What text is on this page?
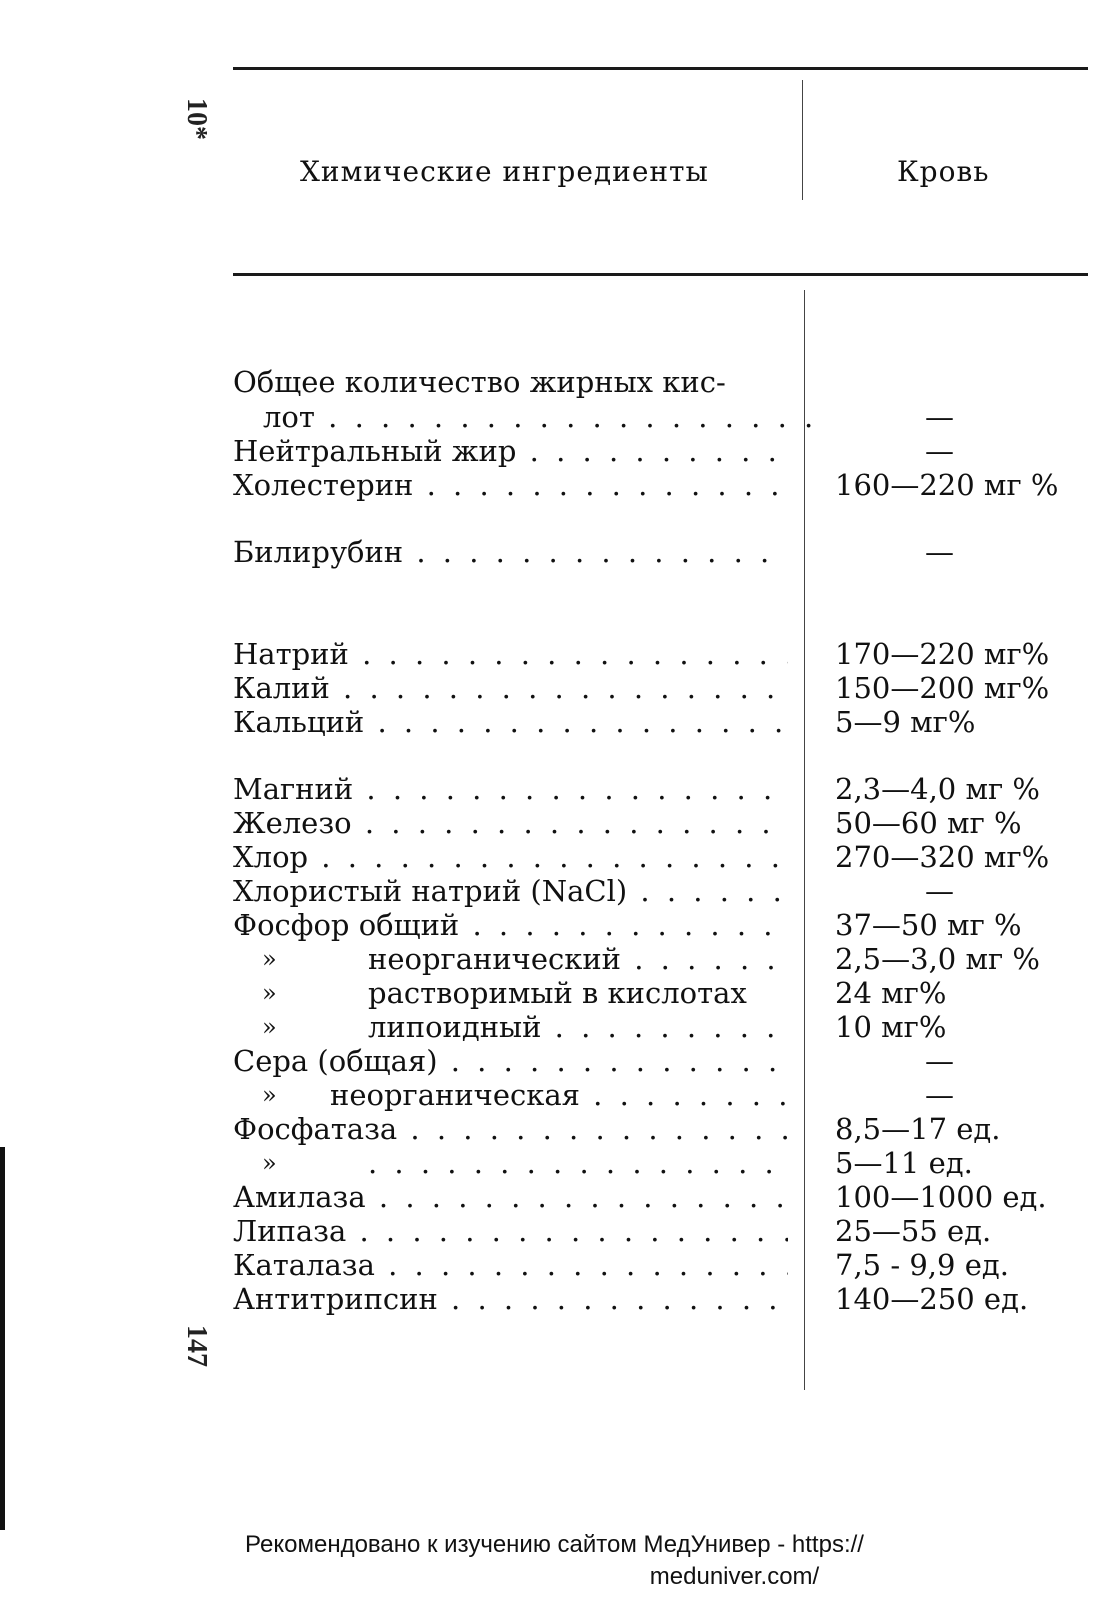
10*
147
Химические ингредиенты	Кровь
Общее количество жирных кис-
лот . . .	—
Нейтральный жир . . .	—
Холестерин . . .	160—220 мг %
Билирубин . . .	—
Натрий . . .	170—220 мг%
Калий . . .	150—200 мг%
Кальций . . .	5—9 мг%
Магний . . .	2,3—4,0 мг %
Железо . . .	50—60 мг %
Хлор . . .	270—320 мг%
Хлористый натрий (NaCl) . . .	—
Фосфор общий . . .	37—50 мг %
»	неорганический . . .	2,5—3,0 мг %
»	растворимый в кислотах	24 мг%
»	липоидный . . .	10 мг%
Сера (общая) . . .	—
» неорганическая . . .	—
Фосфатаза . . .	8,5—17 ед.
»
. . .	5—11 ед.
Амилаза . . .	100—1000 ед.
Липаза . . .	25—55 ед.
Каталаза . . .	7,5 - 9,9 ед.
Антитрипсин . . .	140—250 ед.
Рекомендовано к изучению сайтом МедУнивер - https://
meduniver.com/
